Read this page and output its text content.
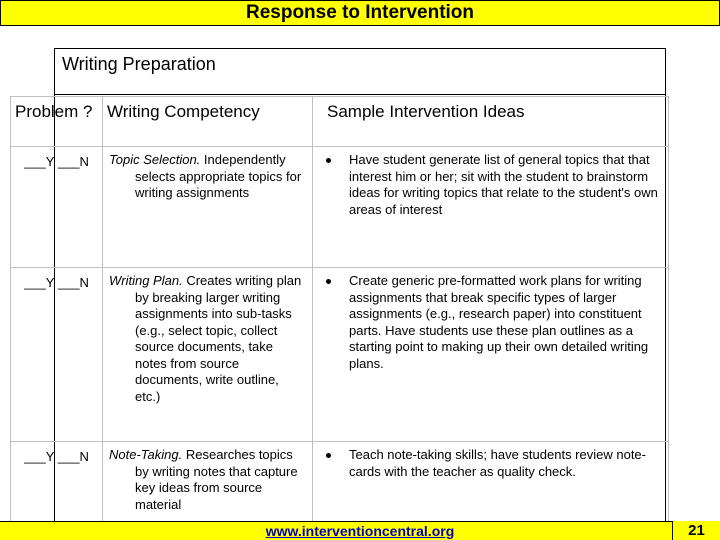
Response to Intervention
Writing Preparation
Problem ?	Writing Competency	Sample Intervention Ideas
___Y ___N	Topic Selection. Independently selects appropriate topics for writing assignments	Have student generate list of general topics that that interest him or her; sit with the student to brainstorm ideas for writing topics that relate to the student's own areas of interest

___Y ___N	Writing Plan. Creates writing plan by breaking larger writing assignments into sub-tasks (e.g., select topic, collect source documents, take notes from source documents, write outline, etc.)	Create generic pre-formatted work plans for writing assignments that break specific types of larger assignments (e.g., research paper) into constituent parts. Have students use these plan outlines as a starting point to making up their own detailed writing plans.

___Y ___N	Note-Taking. Researches topics by writing notes that capture key ideas from source material	Teach note-taking skills; have students review note-cards with the teacher as quality check.
www.interventioncentral.org	21
